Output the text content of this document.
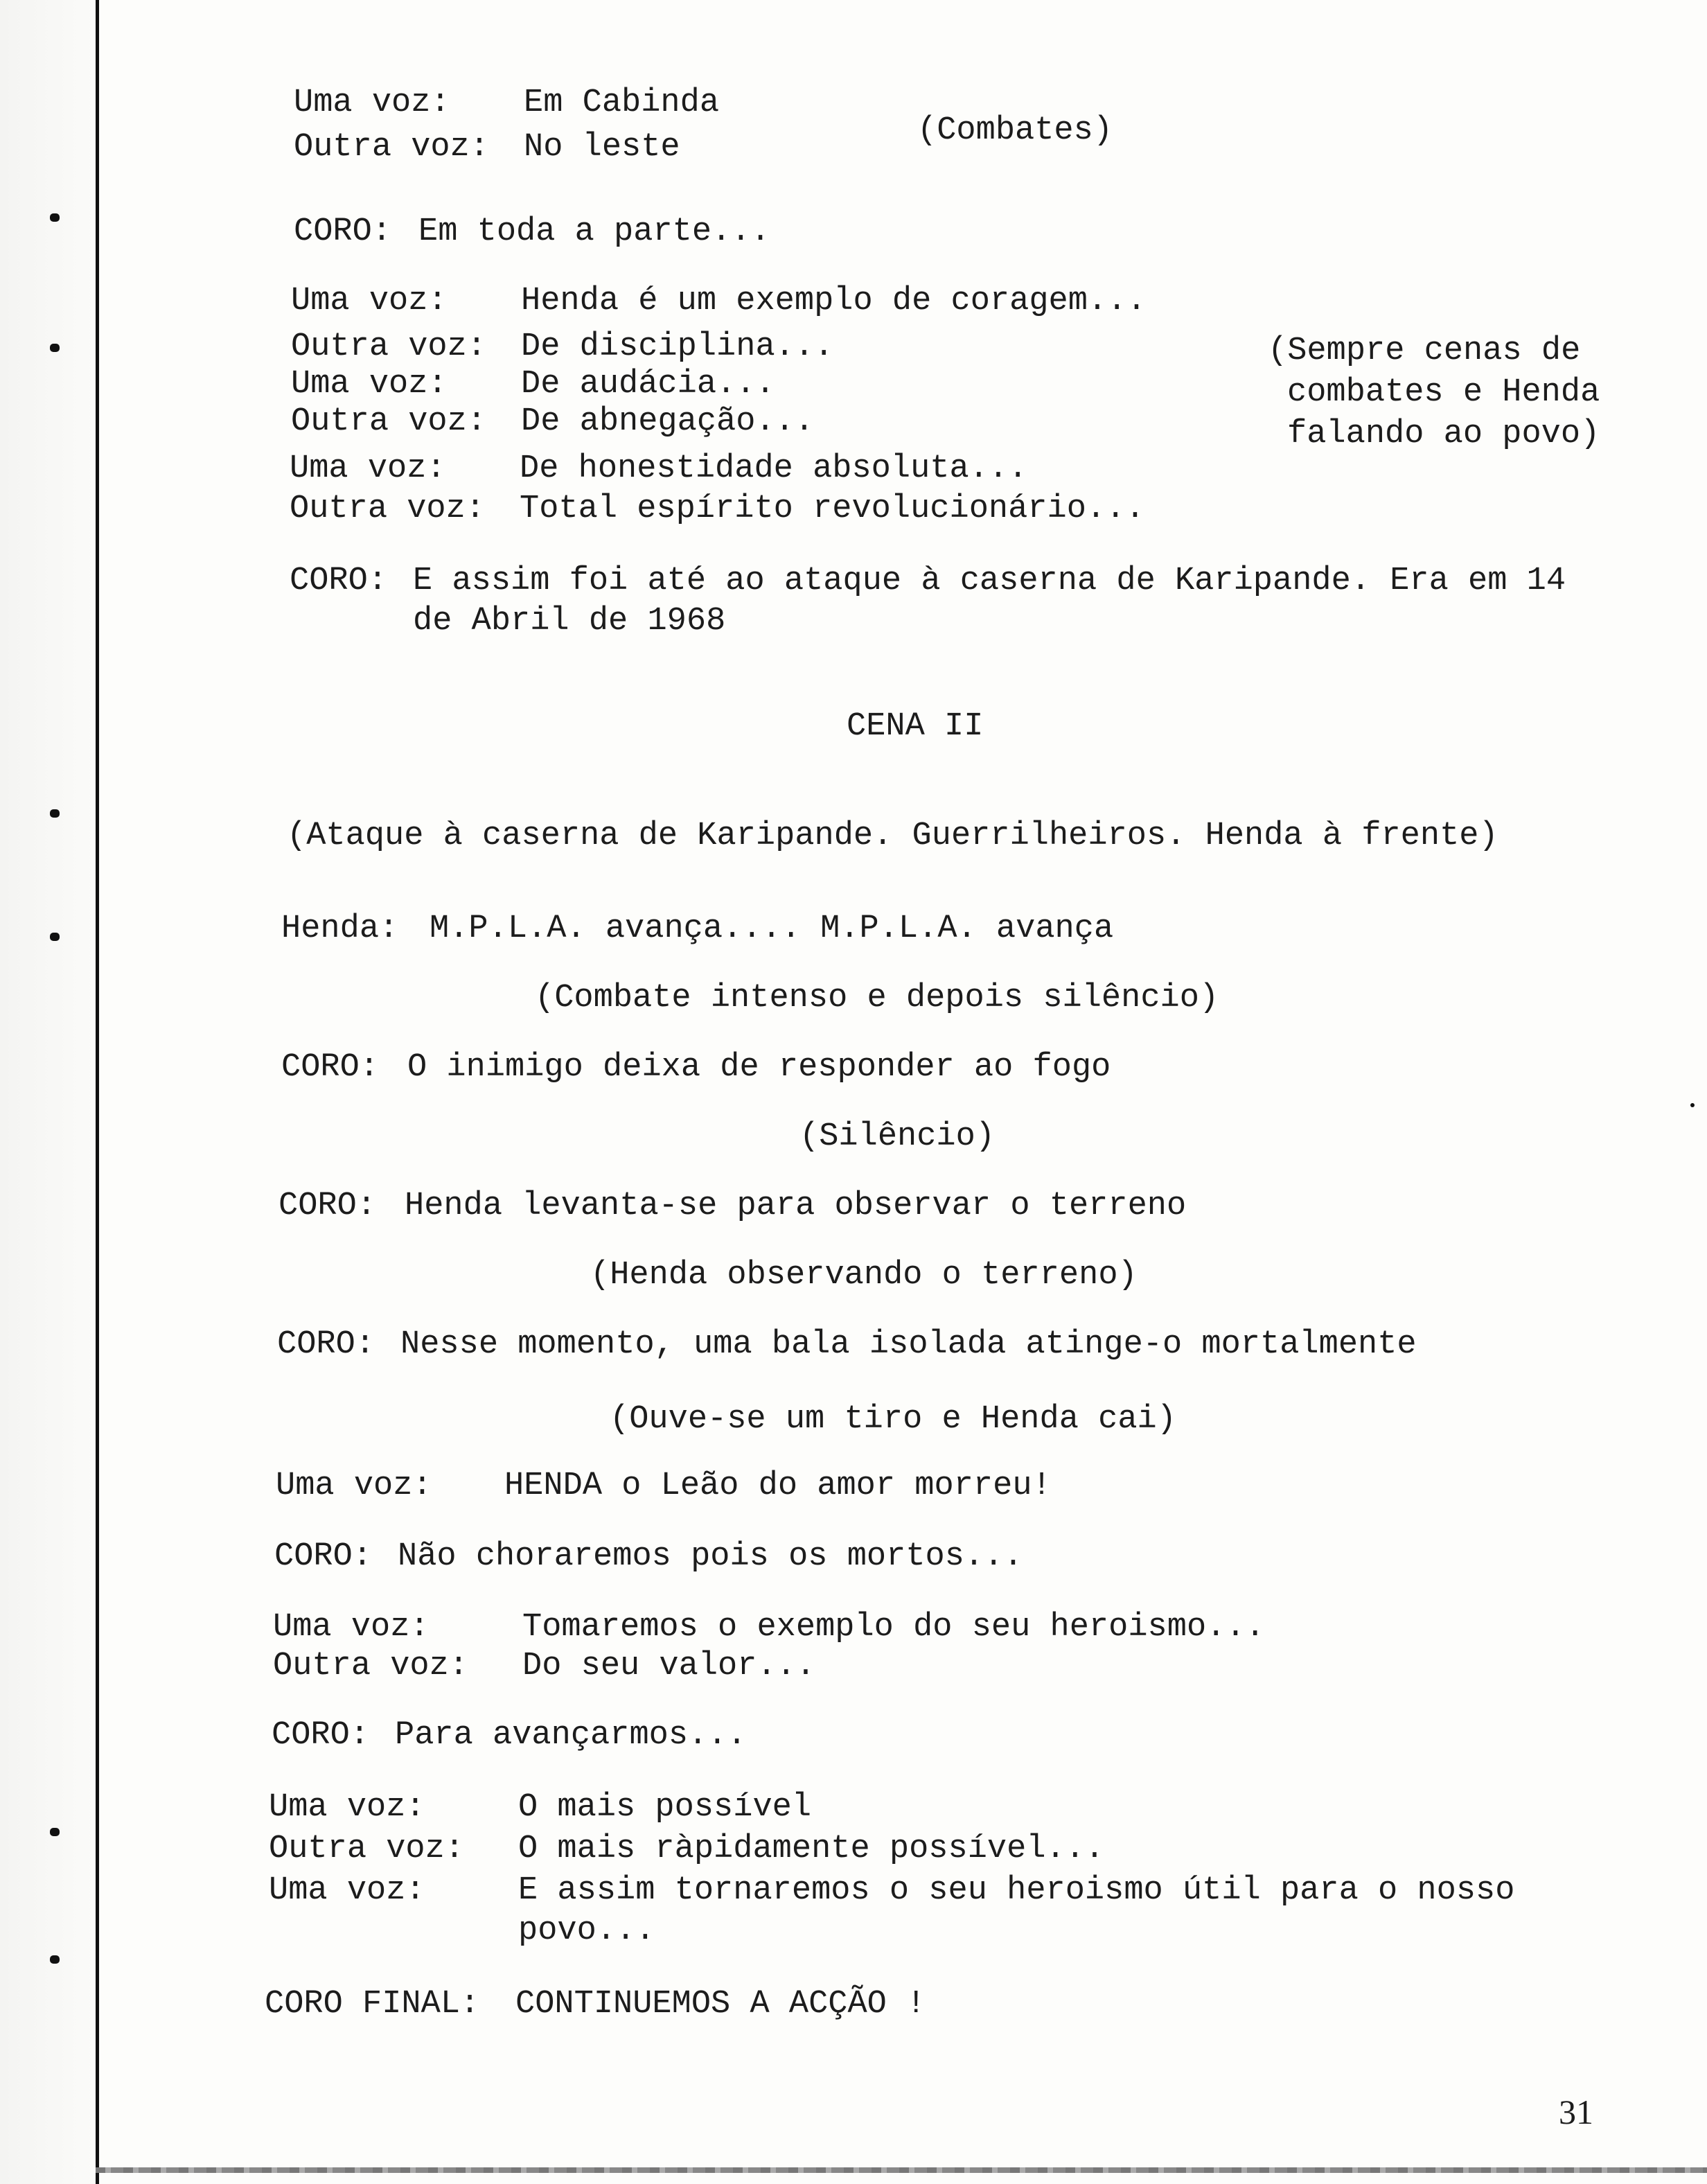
Uma voz: Em Cabinda
Outra voz: No leste	(Combates)
CORO: Em toda a parte...
Uma voz: Henda é um exemplo de coragem...
Outra voz: De disciplina...
Uma voz: De audácia...
Outra voz: De abnegação...
Uma voz: De honestidade absoluta...
Outra voz: Total espírito revolucionário...
(Sempre cenas de
combates e Henda
falando ao povo)
CORO: E assim foi até ao ataque à caserna de Karipande. Era em 14
de Abril de 1968
CENA II
(Ataque à caserna de Karipande. Guerrilheiros. Henda à frente)
Henda: M.P.L.A. avança.... M.P.L.A. avança
(Combate intenso e depois silêncio)
CORO: O inimigo deixa de responder ao fogo
(Silêncio)
CORO: Henda levanta-se para observar o terreno
(Henda observando o terreno)
CORO: Nesse momento, uma bala isolada atinge-o mortalmente
(Ouve-se um tiro e Henda cai)
Uma voz: HENDA o Leão do amor morreu!
CORO: Não choraremos pois os mortos...
Uma voz:	Tomaremos o exemplo do seu heroismo...
Outra voz: Do seu valor...
CORO: Para avançarmos...
Uma voz:	O mais possível
Outra voz: O mais ràpidamente possível...
Uma voz:	E assim tornaremos o seu heroismo útil para o nosso
povo...
CORO FINAL: CONTINUEMOS A ACÇÃO !
31
